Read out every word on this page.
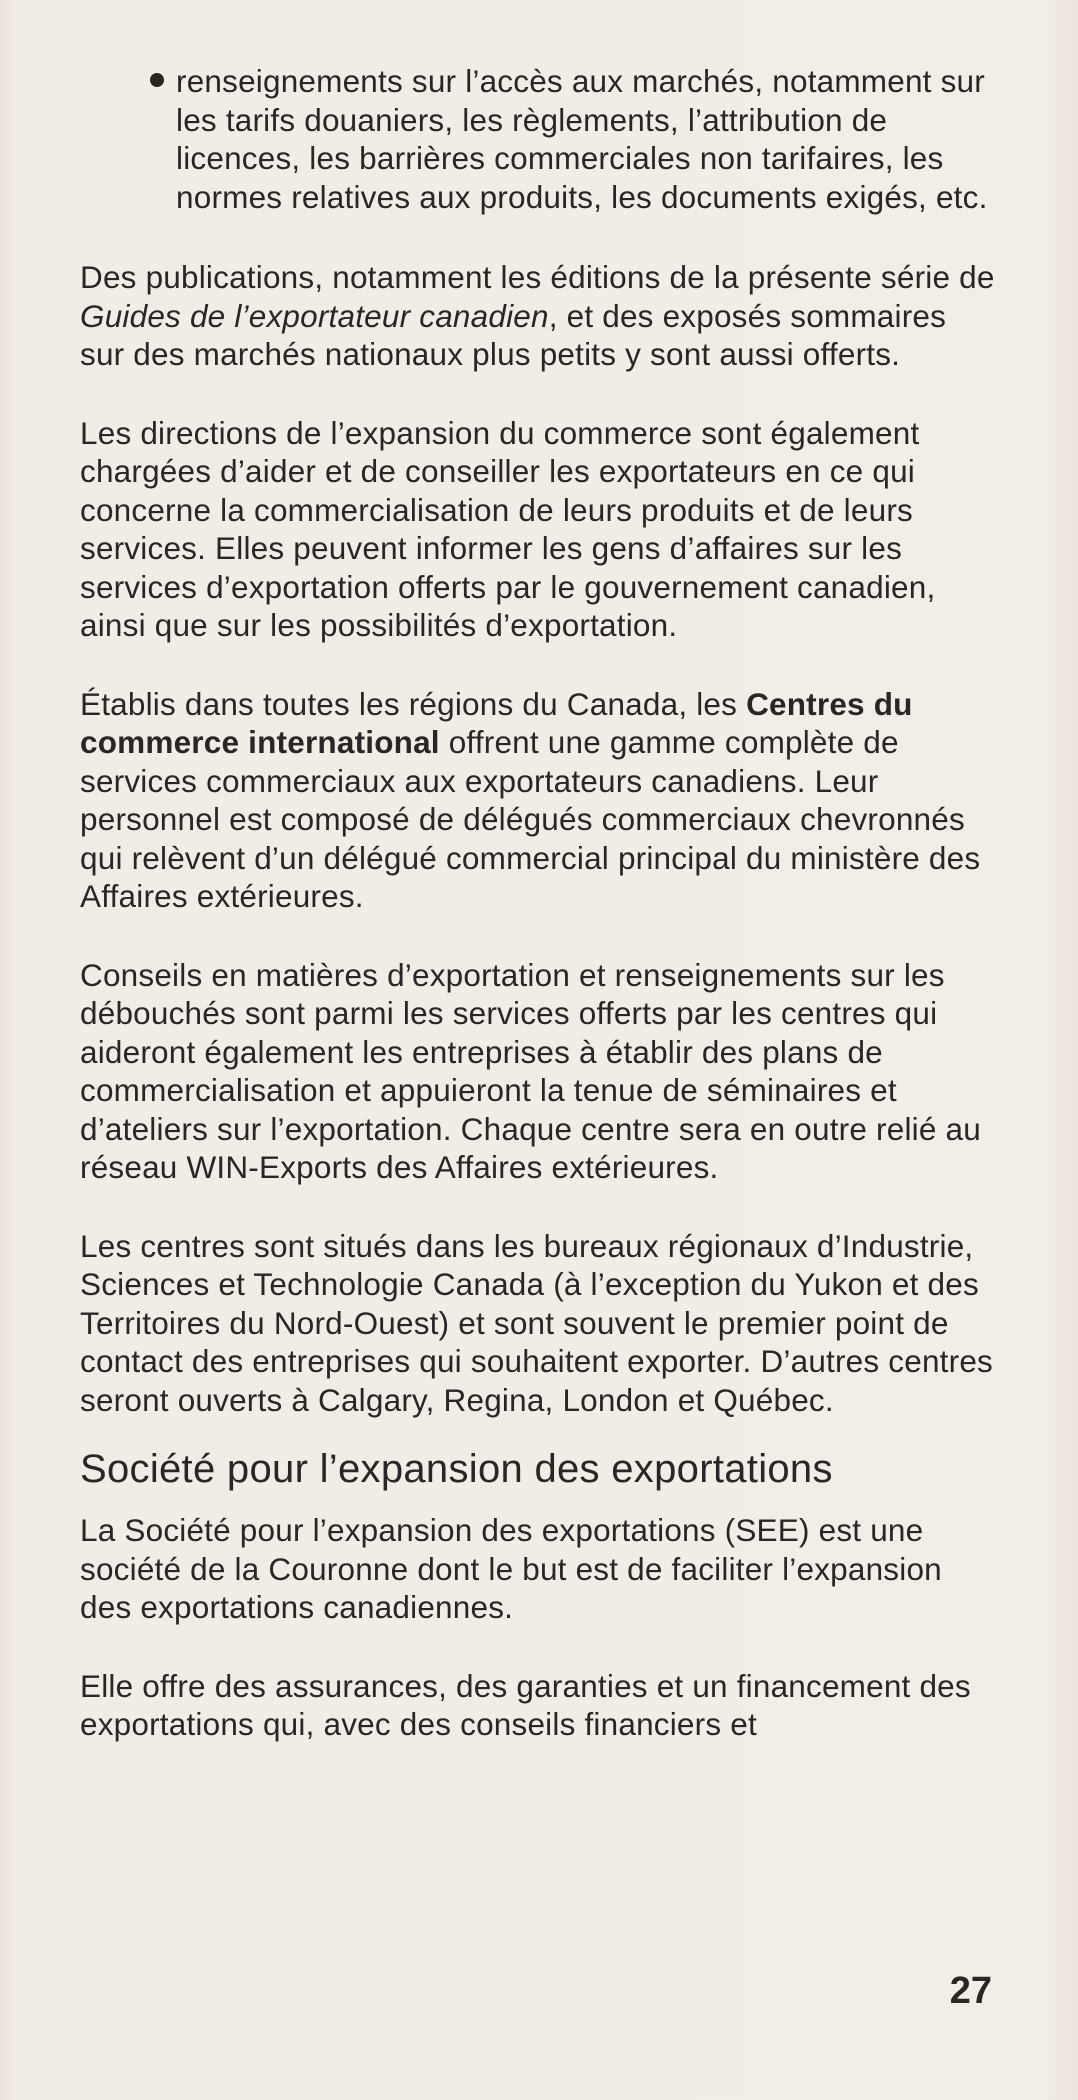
renseignements sur l’accès aux marchés, notamment sur les tarifs douaniers, les règlements, l’attribution de licences, les barrières commerciales non tarifaires, les normes relatives aux produits, les documents exigés, etc.

Des publications, notamment les éditions de la présente série de Guides de l’exportateur canadien, et des exposés sommaires sur des marchés nationaux plus petits y sont aussi offerts.

Les directions de l’expansion du commerce sont également chargées d’aider et de conseiller les exportateurs en ce qui concerne la commercialisation de leurs produits et de leurs services. Elles peuvent informer les gens d’affaires sur les services d’exportation offerts par le gouvernement canadien, ainsi que sur les possibilités d’exportation.

Établis dans toutes les régions du Canada, les Centres du commerce international offrent une gamme complète de services commerciaux aux exportateurs canadiens. Leur personnel est composé de délégués commerciaux chevronnés qui relèvent d’un délégué commercial principal du ministère des Affaires extérieures.

Conseils en matières d’exportation et renseignements sur les débouchés sont parmi les services offerts par les centres qui aideront également les entreprises à établir des plans de commercialisation et appuieront la tenue de séminaires et d’ateliers sur l’exportation. Chaque centre sera en outre relié au réseau WIN-Exports des Affaires extérieures.

Les centres sont situés dans les bureaux régionaux d’Industrie, Sciences et Technologie Canada (à l’exception du Yukon et des Territoires du Nord-Ouest) et sont souvent le premier point de contact des entreprises qui souhaitent exporter. D’autres centres seront ouverts à Calgary, Regina, London et Québec.

Société pour l’expansion des exportations

La Société pour l’expansion des exportations (SEE) est une société de la Couronne dont le but est de faciliter l’expansion des exportations canadiennes.

Elle offre des assurances, des garanties et un financement des exportations qui, avec des conseils financiers et

27
